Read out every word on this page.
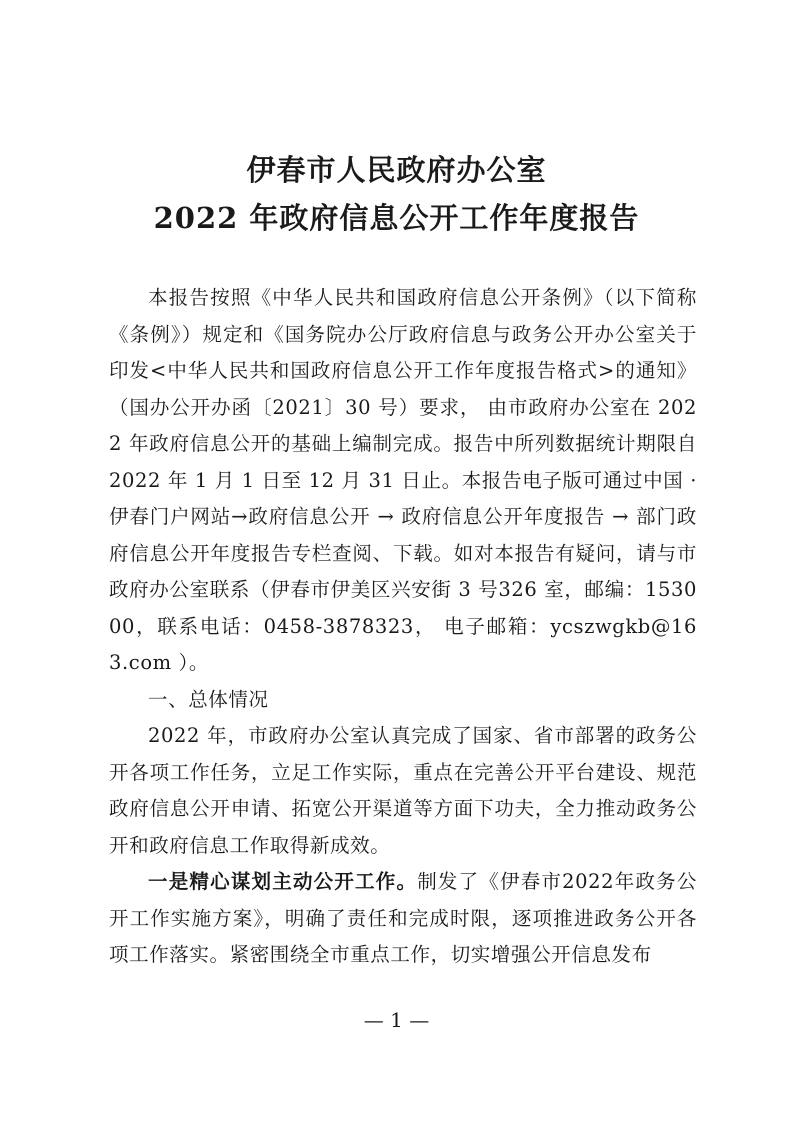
伊春市人民政府办公室
2022 年政府信息公开工作年度报告

本报告按照《中华人民共和国政府信息公开条例》（以下简称《条例》）规定和《国务院办公厅政府信息与政务公开办公室关于印发<中华人民共和国政府信息公开工作年度报告格式>的通知》（国办公开办函〔2021〕30 号）要求， 由市政府办公室在 2022 年政府信息公开的基础上编制完成。报告中所列数据统计期限自 2022 年 1 月 1 日至 12 月 31 日止。本报告电子版可通过中国 ·伊春门户网站→政府信息公开 → 政府信息公开年度报告 → 部门政府信息公开年度报告专栏查阅、下载。如对本报告有疑问，请与市政府办公室联系（伊春市伊美区兴安街 3 号326 室，邮编：153000，联系电话：0458-3878323， 电子邮箱：ycszwgkb@163.com ）。

一、总体情况

2022 年，市政府办公室认真完成了国家、省市部署的政务公开各项工作任务，立足工作实际，重点在完善公开平台建设、规范政府信息公开申请、拓宽公开渠道等方面下功夫，全力推动政务公开和政府信息工作取得新成效。

一是精心谋划主动公开工作。制发了《伊春市2022年政务公开工作实施方案》，明确了责任和完成时限，逐项推进政务公开各项工作落实。紧密围绕全市重点工作，切实增强公开信息发布

— 1 —
